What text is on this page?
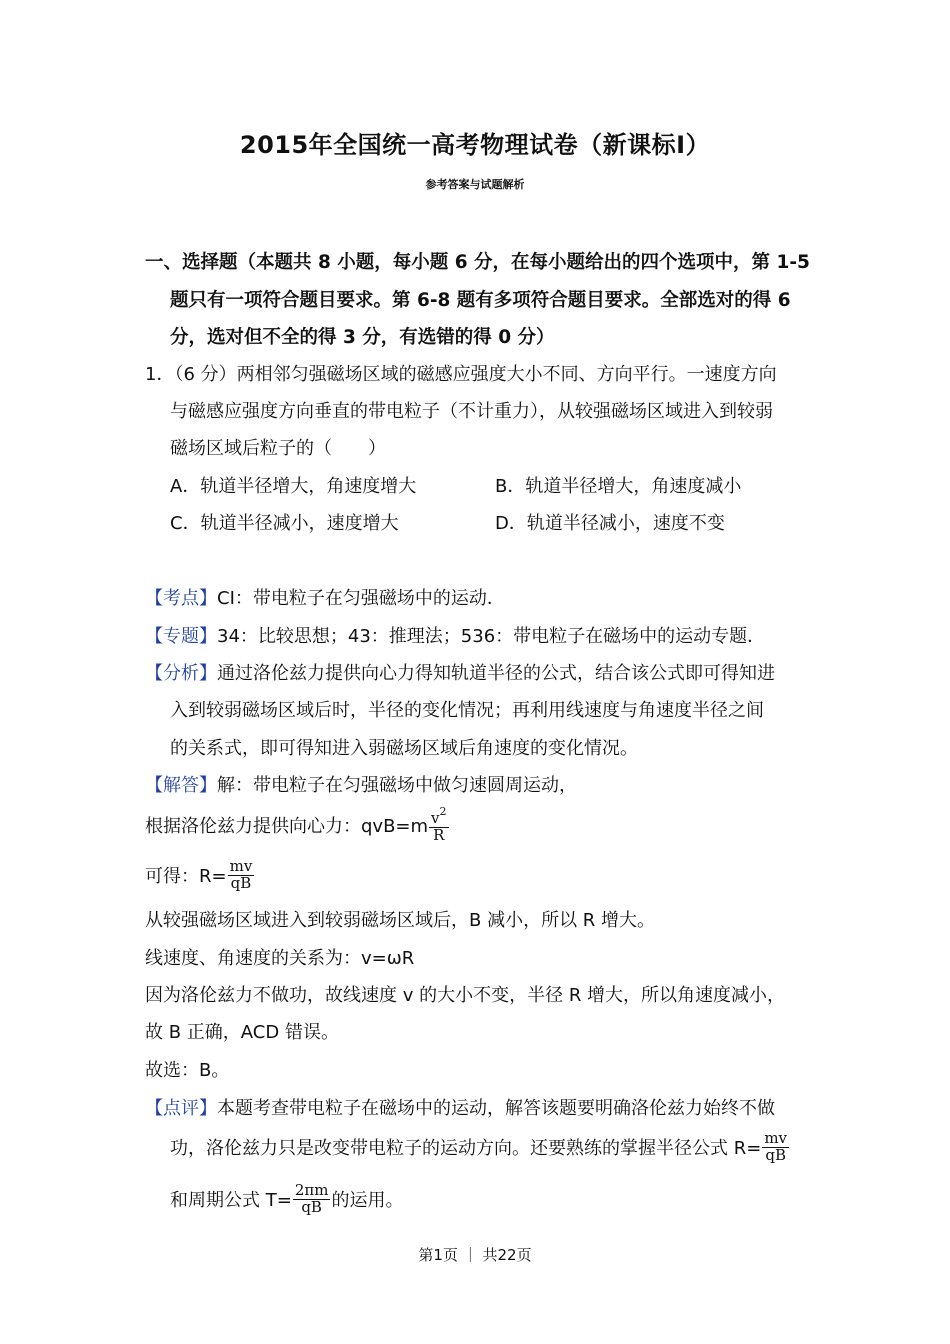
2015年全国统一高考物理试卷（新课标Ⅰ）
参考答案与试题解析
一、选择题（本题共 8 小题，每小题 6 分，在每小题给出的四个选项中，第 1-5
题只有一项符合题目要求。第 6-8 题有多项符合题目要求。全部选对的得 6
分，选对但不全的得 3 分，有选错的得 0 分）
1．（6 分）两相邻匀强磁场区域的磁感应强度大小不同、方向平行。一速度方向
与磁感应强度方向垂直的带电粒子（不计重力），从较强磁场区域进入到较弱
磁场区域后粒子的（　　）
A．轨道半径增大，角速度增大	B．轨道半径增大，角速度减小
C．轨道半径减小，速度增大	D．轨道半径减小，速度不变
【考点】CI：带电粒子在匀强磁场中的运动．
【专题】34：比较思想；43：推理法；536：带电粒子在磁场中的运动专题．
【分析】通过洛伦兹力提供向心力得知轨道半径的公式，结合该公式即可得知进
入到较弱磁场区域后时，半径的变化情况；再利用线速度与角速度半径之间
的关系式，即可得知进入弱磁场区域后角速度的变化情况。
【解答】解：带电粒子在匀强磁场中做匀速圆周运动，
根据洛伦兹力提供向心力：$qvB=m \frac{v^2}{R}$
可得：$R= \frac{mv}{qB}$
从较强磁场区域进入到较弱磁场区域后，B 减小，所以 R 增大。
线速度、角速度的关系为：v=ωR
因为洛伦兹力不做功，故线速度 v 的大小不变，半径 R 增大，所以角速度减小，
故 B 正确，ACD 错误。
故选：B。
【点评】本题考查带电粒子在磁场中的运动，解答该题要明确洛伦兹力始终不做
功，洛伦兹力只是改变带电粒子的运动方向。还要熟练的掌握半径公式 $R= \frac{mv}{qB}$
和周期公式 $T= \frac{2\pi m}{qB}$ 的运用。
第1页 ｜ 共22页
